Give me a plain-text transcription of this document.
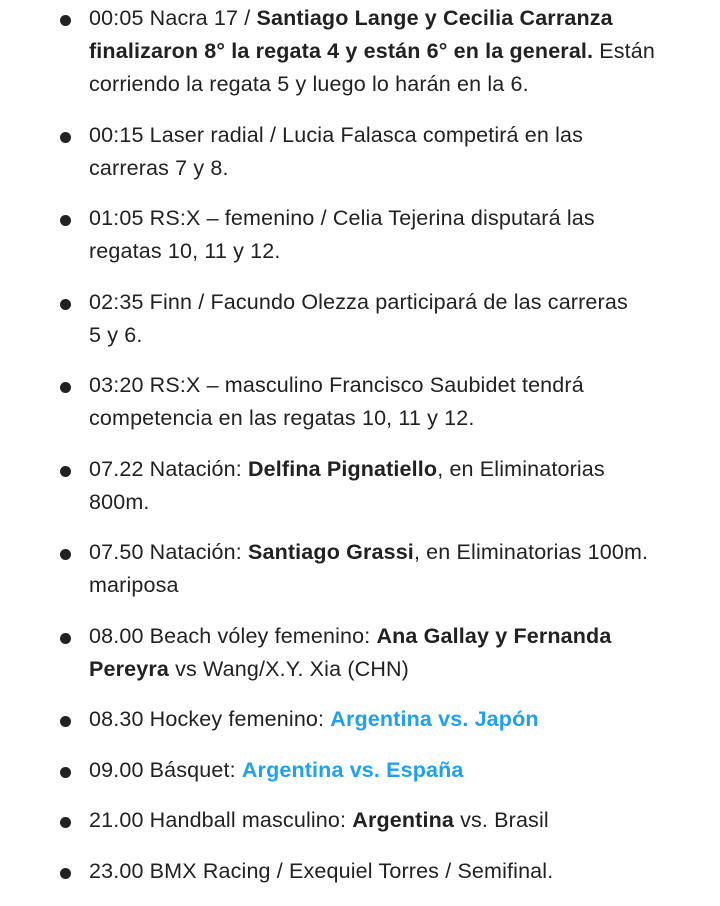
00:05 Nacra 17 / Santiago Lange y Cecilia Carranza
finalizaron 8° la regata 4 y están 6° en la general. Están
corriendo la regata 5 y luego lo harán en la 6.
00:15 Laser radial / Lucia Falasca competirá en las
carreras 7 y 8.
01:05 RS:X – femenino / Celia Tejerina disputará las
regatas 10, 11 y 12.
02:35 Finn / Facundo Olezza participará de las carreras
5 y 6.
03:20 RS:X – masculino Francisco Saubidet tendrá
competencia en las regatas 10, 11 y 12.
07.22 Natación: Delfina Pignatiello, en Eliminatorias
800m.
07.50 Natación: Santiago Grassi, en Eliminatorias 100m.
mariposa
08.00 Beach vóley femenino: Ana Gallay y Fernanda
Pereyra vs Wang/X.Y. Xia (CHN)
08.30 Hockey femenino: Argentina vs. Japón
09.00 Básquet: Argentina vs. España
21.00 Handball masculino: Argentina vs. Brasil
23.00 BMX Racing / Exequiel Torres / Semifinal.
